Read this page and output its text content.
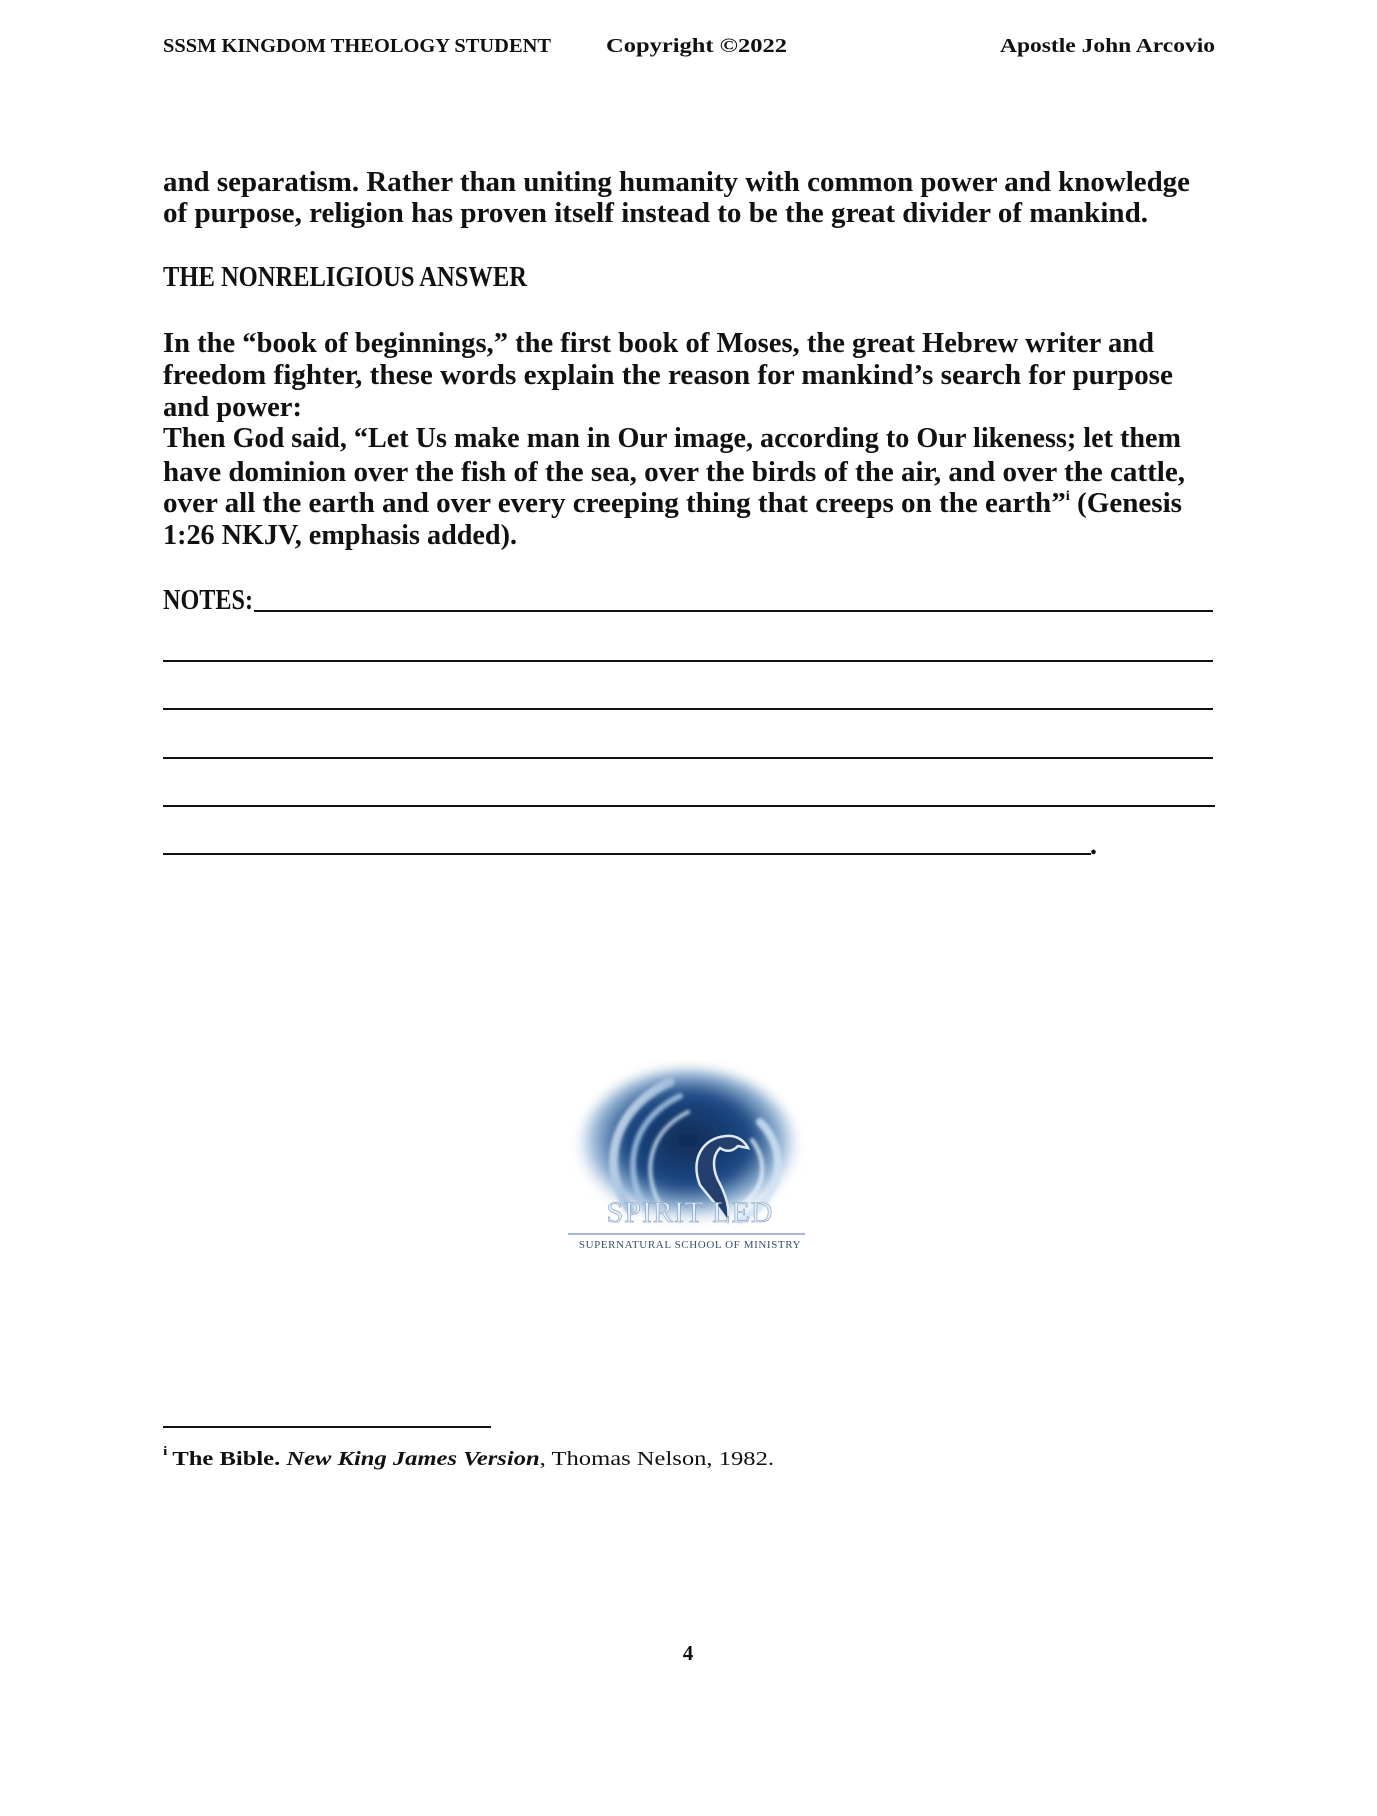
SSSM KINGDOM THEOLOGY STUDENT	Copyright ©2022	Apostle John Arcovio
and separatism. Rather than uniting humanity with common power and knowledge
of purpose, religion has proven itself instead to be the great divider of mankind.
THE NONRELIGIOUS ANSWER
In the “book of beginnings,” the first book of Moses, the great Hebrew writer and
freedom fighter, these words explain the reason for mankind’s search for purpose
and power:
Then God said, “Let Us make man in Our image, according to Our likeness; let them
have dominion over the fish of the sea, over the birds of the air, and over the cattle,
over all the earth and over every creeping thing that creeps on the earth”$^i$ (Genesis
1:26 NKJV, emphasis added).
NOTES:
.
SPIRIT LED
SUPERNATURAL SCHOOL OF MINISTRY
$^i$ The Bible. New King James Version, Thomas Nelson, 1982.
4
